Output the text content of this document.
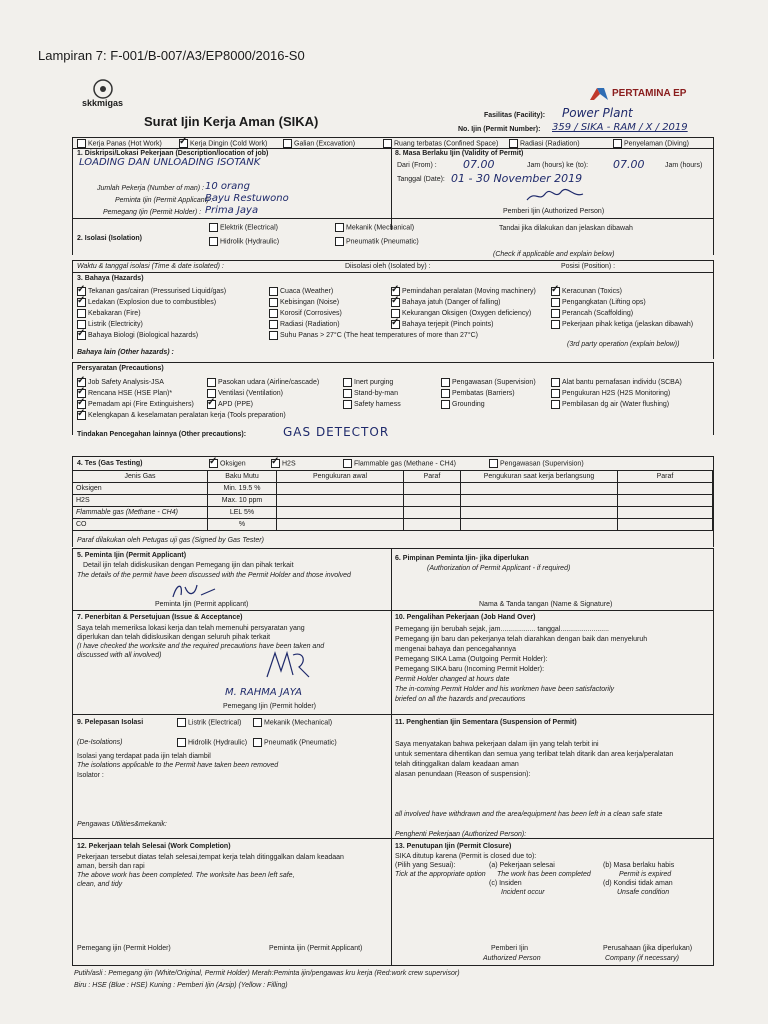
Lampiran 7: F-001/B-007/A3/EP8000/2016-S0
skkmigas
PERTAMINA EP
Surat Ijin Kerja Aman (SIKA)	Fasilitas (Facility): Power Plant
No. Ijin (Permit Number): 359 / SIKA - RAM / X / 2019
Kerja Panas (Hot Work) ✓	Kerja Dingin (Cold Work)	Galian (Excavation)	Ruang terbatas (Confined Space)	Radiasi (Radiation)	Penyelaman (Diving)
1. Diskripsi/Lokasi Pekerjaan (Description/location of job)
LOADING DAN UNLOADING ISOTANK
Jumlah Pekerja (Number of man) : 10 orang
Peminta Ijin (Permit Applicant) :
Bayu Restuwono
Pemegang Ijin (Permit Holder) : Prima Jaya
8. Masa Berlaku Ijin (Validity of Permit)
Dari (From) : 07.00	Jam (hours) ke (to): 07.00	Jam (hours)
Tanggal (Date): 01 - 30 November 2019
Pemberi Ijin (Authorized Person)
2. Isolasi (Isolation)
Elektrik (Electrical)
Hidrolik (Hydraulic)
Mekanik (Mechanical)
Pneumatik (Pneumatic)
Tandai jika dilakukan dan jelaskan dibawah
(Check if applicable and explain below)
Waktu & tanggal isolasi (Time & date isolated) :	Diisolasi oleh (Isolated by) :	Posisi (Position) :
3. Bahaya (Hazards)
✓Tekanan gas/cairan (Pressurised Liquid/gas)
✓Ledakan (Explosion due to combustibles)
Kebakaran (Fire)
Listrik (Electricity)
✓Bahaya Biologi (Biological hazards)
Cuaca (Weather)
Kebisingan (Noise)
Korosif (Corrosives)
Radiasi (Radiation)
Suhu Panas > 27°C (The heat temperatures of more than 27°C)
✓Pemindahan peralatan (Moving machinery)
✓Bahaya jatuh (Danger of falling)
Kekurangan Oksigen (Oxygen deficiency)
✓Bahaya terjepit (Pinch points)
✓Keracunan (Toxics)
Pengangkatan (Lifting ops)
Perancah (Scaffolding)
Pekerjaan pihak ketiga (jelaskan dibawah)
(3rd party operation (explain below))
Bahaya lain (Other hazards) :
Persyaratan (Precautions)
✓Job Safety Analysis-JSA
✓Rencana HSE (HSE Plan)*
✓Pemadam api (Fire Extinguishers)
✓Kelengkapan & keselamatan peralatan kerja (Tools preparation)
Pasokan udara (Airline/cascade)
Ventilasi (Ventilation)
✓APD (PPE)
Inert purging
Stand-by-man
Safety harness
Pengawasan (Supervision)
Pembatas (Barriers)
Grounding
Alat bantu pernafasan individu (SCBA)
Pengukuran H2S (H2S Monitoring)
Pembilasan dg air (Water flushing)
Tindakan Pencegahan lainnya (Other precautions):	GAS DETECTOR
4. Tes (Gas Testing) ✓	Oksigen ✓	H2S	Flammable gas (Methane - CH4)	Pengawasan (Supervision)
Jenis Gas	Baku Mutu	Pengukuran awal	Paraf	Pengukuran saat kerja berlangsung	Paraf
Oksigen	Min. 19.5 %				
H2S	Max. 10 ppm				
Flammable gas (Methane - CH4)	LEL 5%				
CO	%				
Paraf dilakukan oleh Petugas uji gas (Signed by Gas Tester)
5. Peminta Ijin (Permit Applicant)
Detail ijin telah didiskusikan dengan Pemegang ijin dan pihak terkait
The details of the permit have been discussed with the Permit Holder and those involved
Peminta Ijin (Permit applicant)
6. Pimpinan Peminta Ijin- jika diperlukan
(Authorization of Permit Applicant - if required)
Nama & Tanda tangan (Name & Signature)
7. Penerbitan & Persetujuan (Issue & Acceptance)
Saya telah memeriksa lokasi kerja dan telah memenuhi persyaratan yang
diperlukan dan telah didiskusikan dengan seluruh pihak terkait
(I have checked the worksite and the required precautions have been taken and
discussed with all involved)
M. RAHMA JAYA
Pemegang Ijin (Permit holder)
10. Pengalihan Pekerjaan (Job Hand Over)
Pemegang ijin berubah sejak, jam.................. tanggal.........................
Pemegang ijin baru dan pekerjanya telah diarahkan dengan baik dan menyeluruh
mengenai bahaya dan pencegahannya
Pemegang SIKA Lama (Outgoing Permit Holder):
Pemegang SIKA baru (Incoming Permit Holder):
Permit Holder changed at hours date
The in-coming Permit Holder and his workmen have been satisfactorily
briefed on all the hazards and precautions
9. Pelepasan Isolasi	Listrik (Electrical)	Mekanik (Mechanical)
(De-Isolations)	Hidrolik (Hydraulic)	Pneumatik (Pneumatic)
Isolasi yang terdapat pada ijin telah diambil
The isolations applicable to the Permit have taken been removed
Isolator :
Pengawas Utilities&mekanik:
11. Penghentian Ijin Sementara (Suspension of Permit)
Saya menyatakan bahwa pekerjaan dalam ijin yang telah terbit ini
untuk sementara dihentikan dan semua yang terlibat telah ditarik dan area kerja/peralatan
telah ditinggalkan dalam keadaan aman
alasan penundaan (Reason of suspension):
all involved have withdrawn and the area/equipment has been left in a clean safe state
Penghenti Pekerjaan (Authorized Person):
12. Pekerjaan telah Selesai (Work Completion)
Pekerjaan tersebut diatas telah selesai,tempat kerja telah ditinggalkan dalam keadaan
aman, bersih dan rapi
The above work has been completed. The worksite has been left safe,
clean, and tidy
Pemegang ijin (Permit Holder)	Peminta ijin (Permit Applicant)
13. Penutupan Ijin (Permit Closure)
SIKA ditutup karena (Permit is closed due to):
(Pilih yang Sesuai):
Tick at the appropriate option
(a) Pekerjaan selesai
The work has been completed
(c) Insiden
Incident occur
(b) Masa berlaku habis
Permit is expired
(d) Kondisi tidak aman
Unsafe condition
Pemberi Ijin
Authorized Person
Perusahaan (jika diperlukan)
Company (if necessary)
Putih/asli : Pemegang ijin (White/Original, Permit Holder) Merah:Peminta ijin/pengawas kru kerja (Red:work crew supervisor)
Biru : HSE (Blue : HSE) Kuning : Pemberi Ijin (Arsip) (Yellow : Filling)
